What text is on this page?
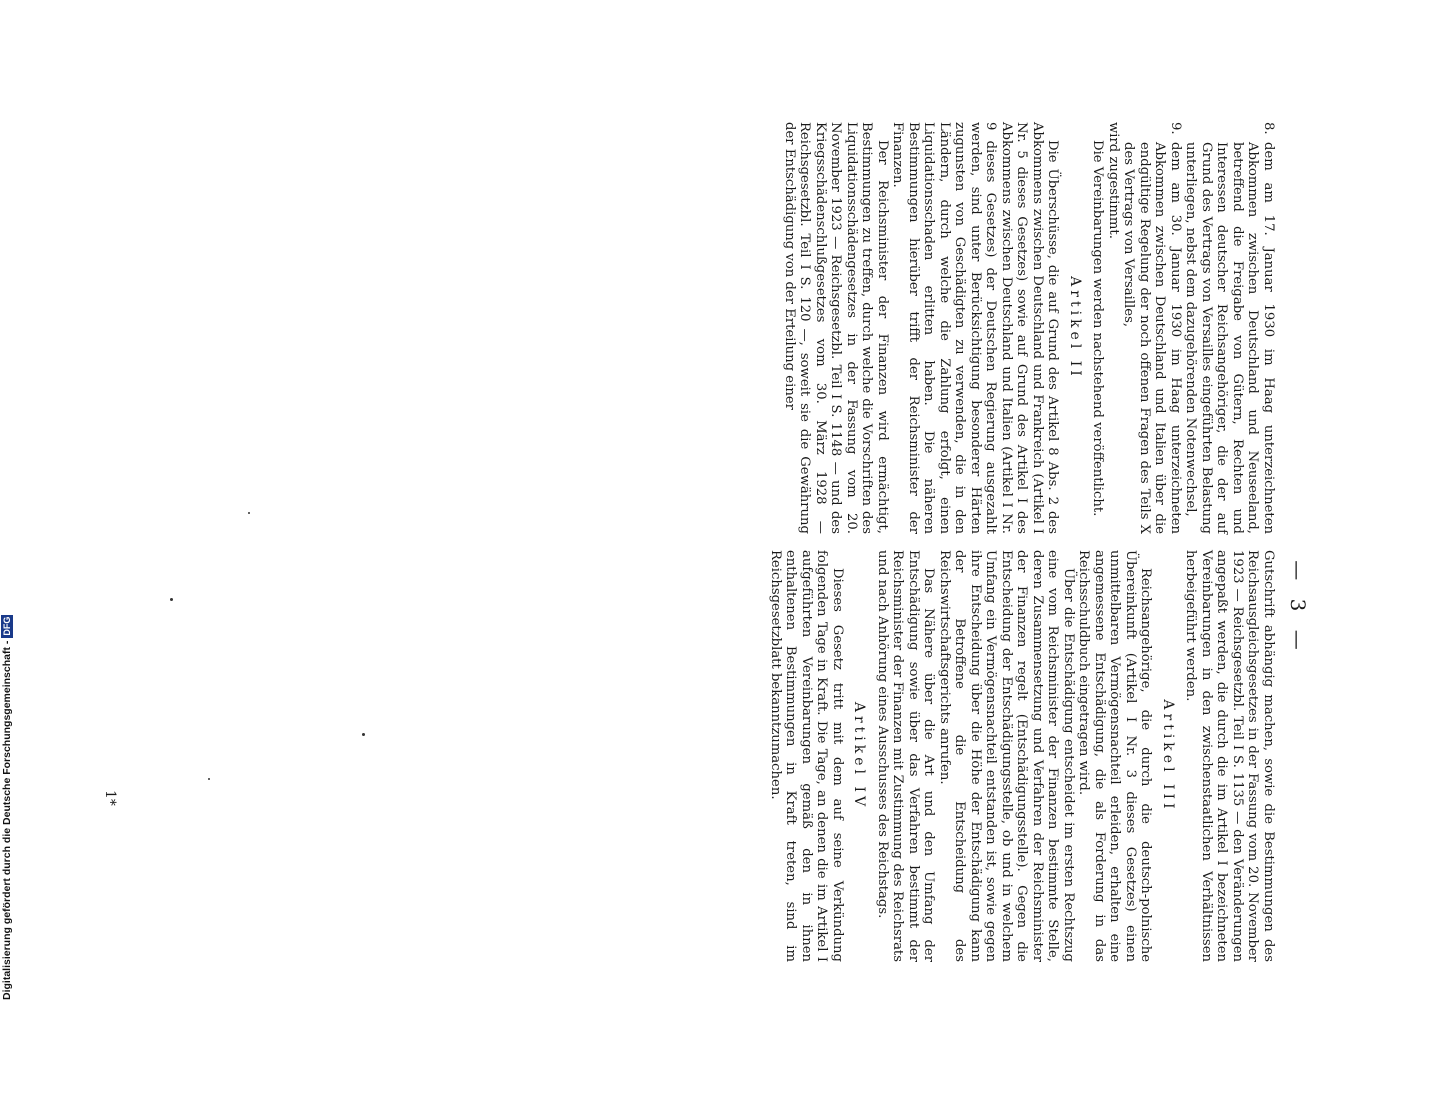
— 3 —
8.
dem am 17. Januar 1930 im Haag unterzeichneten Abkommen zwischen Deutschland und Neuseeland, betreffend die Freigabe von Gütern, Rechten und Interessen deutscher Reichsangehöriger, die der auf Grund des Vertrags von Versailles eingeführten Belastung unterliegen, nebst dem dazugehörenden Notenwechsel,
9.
dem am 30. Januar 1930 im Haag unterzeichneten Abkommen zwischen Deutschland und Italien über die endgültige Regelung der noch offenen Fragen des Teils X des Vertrags von Versailles,

wird zugestimmt.

Die Vereinbarungen werden nachstehend veröffentlicht.

Artikel II

Die Überschüsse, die auf Grund des Artikel 8 Abs. 2 des Abkommens zwischen Deutschland und Frankreich (Artikel I Nr. 5 dieses Gesetzes) sowie auf Grund des Artikel I des Abkommens zwischen Deutschland und Italien (Artikel I Nr. 9 dieses Gesetzes) der Deutschen Regierung ausgezahlt werden, sind unter Berücksichtigung besonderer Härten zugunsten von Geschädigten zu verwenden, die in den Ländern, durch welche die Zahlung erfolgt, einen Liquidationsschaden erlitten haben. Die näheren Bestimmungen hierüber trifft der Reichsminister der Finanzen.

Der Reichsminister der Finanzen wird ermächtigt, Bestimmungen zu treffen, durch welche die Vorschriften des Liquidationsschädengesetzes in der Fassung vom 20. November 1923 — Reichsgesetzbl. Teil I S. 1148 — und des Kriegsschädenschlußgesetzes vom 30. März 1928 — Reichsgesetzbl. Teil I S. 120 —, soweit sie die Gewährung der Entschädigung von der Erteilung einer

Gutschrift abhängig machen, sowie die Bestimmungen des Reichsausgleichsgesetzes in der Fassung vom 20. November 1923 — Reichsgesetzbl. Teil I S. 1135 — den Veränderungen angepaßt werden, die durch die im Artikel I bezeichneten Vereinbarungen in den zwischenstaatlichen Verhältnissen herbeigeführt werden.

Artikel III

Reichsangehörige, die durch die deutsch-polnische Übereinkunft (Artikel I Nr. 3 dieses Gesetzes) einen unmittelbaren Vermögensnachteil erleiden, erhalten eine angemessene Entschädigung, die als Forderung in das Reichsschuldbuch eingetragen wird.

Über die Entschädigung entscheidet im ersten Rechtszug eine vom Reichsminister der Finanzen bestimmte Stelle, deren Zusammensetzung und Verfahren der Reichsminister der Finanzen regelt (Entschädigungsstelle). Gegen die Entscheidung der Entschädigungsstelle, ob und in welchem Umfang ein Vermögensnachteil entstanden ist, sowie gegen ihre Entscheidung über die Höhe der Entschädigung kann der Betroffene die Entscheidung des Reichswirtschaftsgerichts anrufen.

Das Nähere über die Art und den Umfang der Entschädigung sowie über das Verfahren bestimmt der Reichsminister der Finanzen mit Zustimmung des Reichsrats und nach Anhörung eines Ausschusses des Reichstags.

Artikel IV

Dieses Gesetz tritt mit dem auf seine Verkündung folgenden Tage in Kraft. Die Tage, an denen die im Artikel I aufgeführten Vereinbarungen gemäß den in ihnen enthaltenen Bestimmungen in Kraft treten, sind im Reichsgesetzblatt bekanntzumachen.

1*
Digitalisierung gefördert durch die Deutsche Forschungsgemeinschaft -
DFG
